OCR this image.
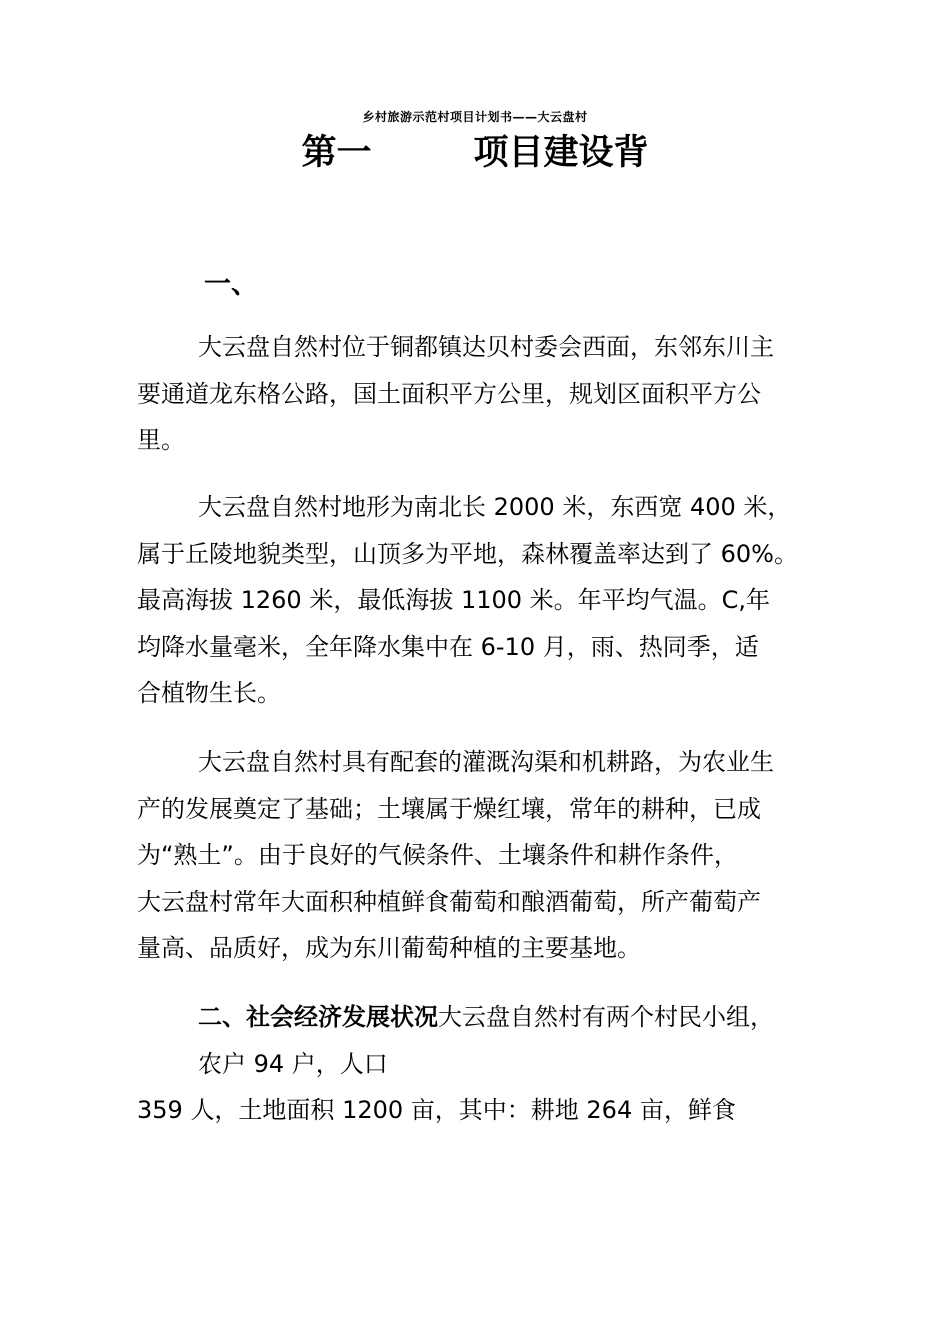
乡村旅游示范村项目计划书——大云盘村
第一	项目建设背
一、
大云盘自然村位于铜都镇达贝村委会西面，东邻东川主
要通道龙东格公路，国土面积平方公里，规划区面积平方公
里。
大云盘自然村地形为南北长 2000 米，东西宽 400 米，
属于丘陵地貌类型，山顶多为平地，森林覆盖率达到了 60%。
最高海拔 1260 米，最低海拔 1100 米。年平均气温。C,年
均降水量毫米，全年降水集中在 6-10 月，雨、热同季，适
合植物生长。
大云盘自然村具有配套的灌溉沟渠和机耕路，为农业生
产的发展奠定了基础；土壤属于燥红壤，常年的耕种，已成
为“熟土”。由于良好的气候条件、土壤条件和耕作条件，
大云盘村常年大面积种植鲜食葡萄和酿酒葡萄，所产葡萄产
量高、品质好，成为东川葡萄种植的主要基地。
二、社会经济发展状况大云盘自然村有两个村民小组，
农户 94 户，人口
359 人，土地面积 1200 亩，其中：耕地 264 亩，鲜食
